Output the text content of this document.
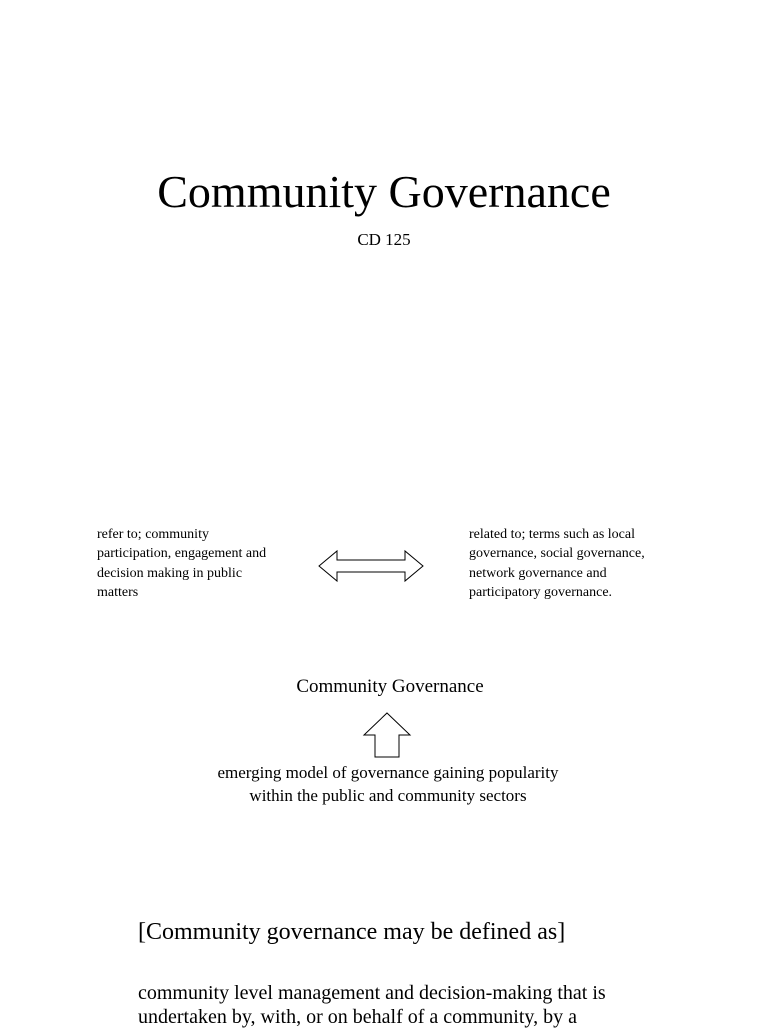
Community Governance
CD 125
refer to; community participation, engagement and decision making in public matters
related to; terms such as local governance, social governance, network governance and participatory governance.
Community Governance
emerging model of governance gaining popularity within the public and community sectors
[Community governance may be defined as]
community level management and decision-making that is undertaken by, with, or on behalf of a community, by a
